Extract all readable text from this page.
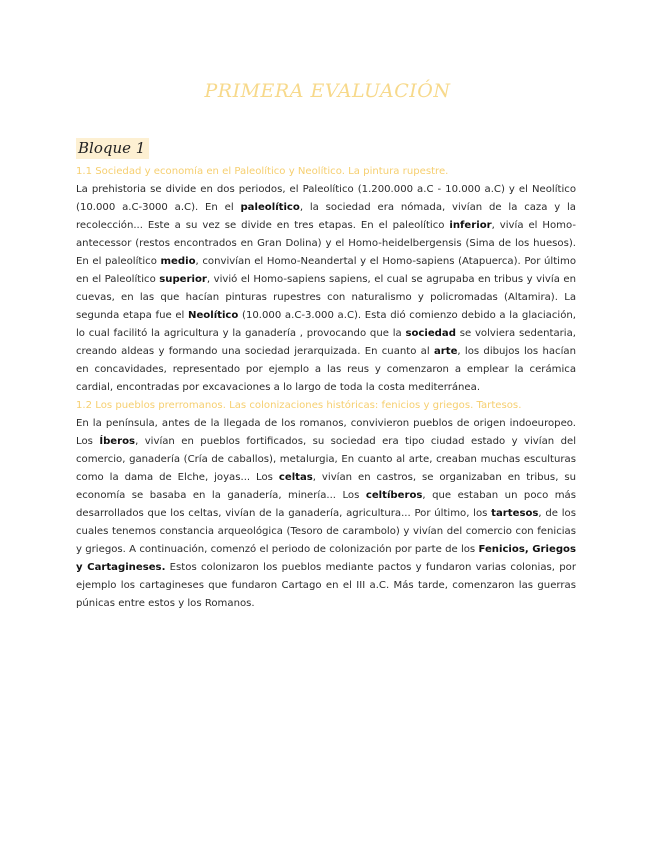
PRIMERA EVALUACIÓN
Bloque 1

1.1 Sociedad y economía en el Paleolítico y Neolítico. La pintura rupestre.

La prehistoria se divide en dos periodos, el Paleolítico (1.200.000 a.C - 10.000 a.C) y el Neolítico (10.000 a.C-3000 a.C). En el paleolítico, la sociedad era nómada, vivían de la caza y la recolección... Este a su vez se divide en tres etapas. En el paleolítico inferior, vivía el Homo-antecessor (restos encontrados en Gran Dolina) y el Homo-heidelbergensis (Sima de los huesos). En el paleolítico medio, convivían el Homo-Neandertal y el Homo-sapiens (Atapuerca). Por último en el Paleolítico superior, vivió el Homo-sapiens sapiens, el cual se agrupaba en tribus y vivía en cuevas, en las que hacían pinturas rupestres con naturalismo y policromadas (Altamira). La segunda etapa fue el Neolítico (10.000 a.C-3.000 a.C). Esta dió comienzo debido a la glaciación, lo cual facilitó la agricultura y la ganadería , provocando que la sociedad se volviera sedentaria, creando aldeas y formando una sociedad jerarquizada. En cuanto al arte, los dibujos los hacían en concavidades, representado por ejemplo a las reus y comenzaron a emplear la cerámica cardial, encontradas por excavaciones a lo largo de toda la costa mediterránea.

1.2 Los pueblos prerromanos. Las colonizaciones históricas: fenicios y griegos. Tartesos.

En la península, antes de la llegada de los romanos, convivieron pueblos de origen indoeuropeo. Los Íberos, vivían en pueblos fortificados, su sociedad era tipo ciudad estado y vivían del comercio, ganadería (Cría de caballos), metalurgia, En cuanto al arte, creaban muchas esculturas como la dama de Elche, joyas... Los celtas, vivían en castros, se organizaban en tribus, su economía se basaba en la ganadería, minería... Los celtíberos, que estaban un poco más desarrollados que los celtas, vivían de la ganadería, agricultura... Por último, los tartesos, de los cuales tenemos constancia arqueológica (Tesoro de carambolo) y vivían del comercio con fenicias y griegos. A continuación, comenzó el periodo de colonización por parte de los Fenicios, Griegos y Cartagineses. Estos colonizaron los pueblos mediante pactos y fundaron varias colonias, por ejemplo los cartagineses que fundaron Cartago en el III a.C. Más tarde, comenzaron las guerras púnicas entre estos y los Romanos.
